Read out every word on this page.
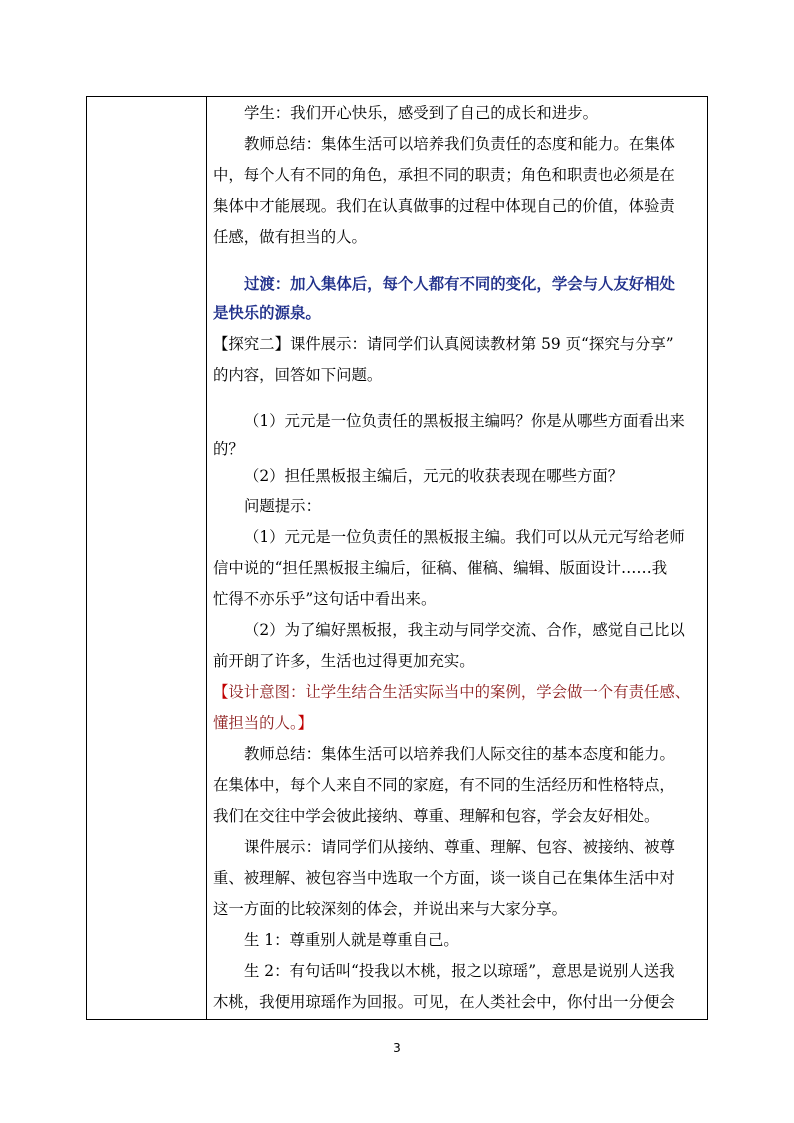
学生：我们开心快乐，感受到了自己的成长和进步。
教师总结：集体生活可以培养我们负责任的态度和能力。在集体
中，每个人有不同的角色，承担不同的职责；角色和职责也必须是在
集体中才能展现。我们在认真做事的过程中体现自己的价值，体验责
任感，做有担当的人。
过渡：加入集体后，每个人都有不同的变化，学会与人友好相处
是快乐的源泉。
【探究二】课件展示：请同学们认真阅读教材第 59 页“探究与分享”
的内容，回答如下问题。
（1）元元是一位负责任的黑板报主编吗？你是从哪些方面看出来
的？
（2）担任黑板报主编后，元元的收获表现在哪些方面？
问题提示：
（1）元元是一位负责任的黑板报主编。我们可以从元元写给老师
信中说的“担任黑板报主编后，征稿、催稿、编辑、版面设计……我
忙得不亦乐乎”这句话中看出来。
（2）为了编好黑板报，我主动与同学交流、合作，感觉自己比以
前开朗了许多，生活也过得更加充实。
【设计意图：让学生结合生活实际当中的案例，学会做一个有责任感、
懂担当的人。】
教师总结：集体生活可以培养我们人际交往的基本态度和能力。
在集体中，每个人来自不同的家庭，有不同的生活经历和性格特点，
我们在交往中学会彼此接纳、尊重、理解和包容，学会友好相处。
课件展示：请同学们从接纳、尊重、理解、包容、被接纳、被尊
重、被理解、被包容当中选取一个方面，谈一谈自己在集体生活中对
这一方面的比较深刻的体会，并说出来与大家分享。
生 1：尊重别人就是尊重自己。
生 2：有句话叫“投我以木桃，报之以琼瑶”，意思是说别人送我
木桃，我便用琼瑶作为回报。可见，在人类社会中，你付出一分便会
3
